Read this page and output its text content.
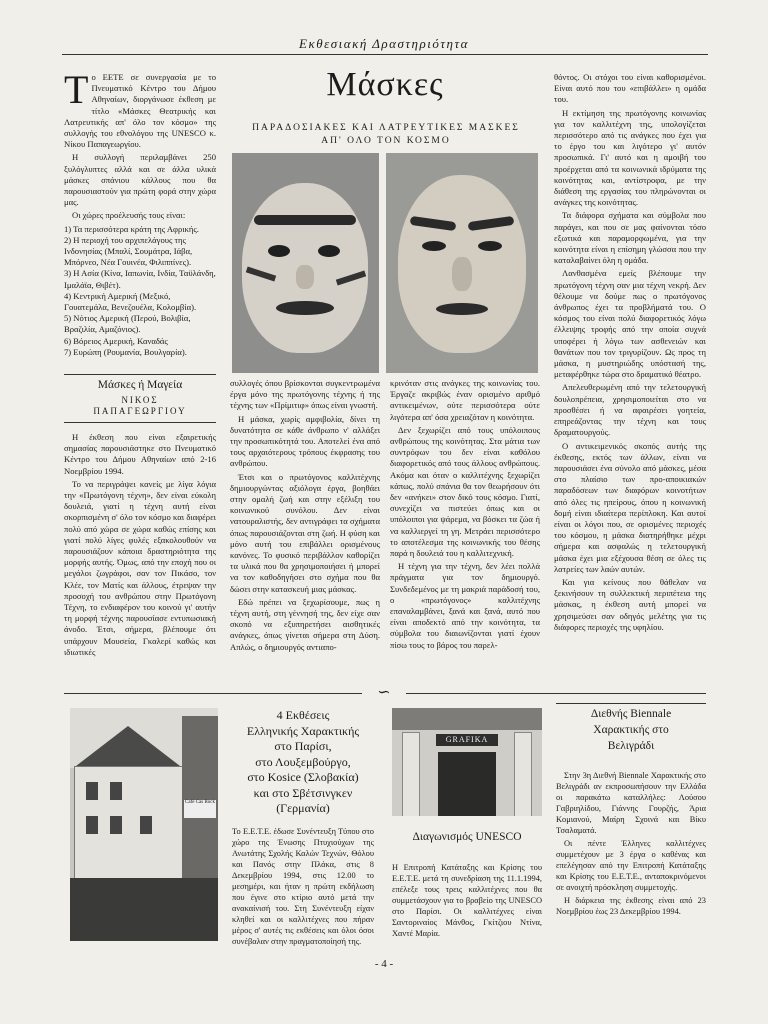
Εκθεσιακή Δραστηριότητα

Το ΕΕΤΕ σε συνεργασία με το Πνευματικό Κέντρο του Δήμου Αθηναίων, διοργάνωσε έκθεση με τίτλο «Μάσκες Θεατρικής και Λατρευτικής απ' όλο τον κόσμο» της συλλογής του εθνολόγου της UNESCO κ. Νίκου Παπαγεωργίου.

Η συλλογή περιλαμβάνει 250 ξυλόγλυπτες αλλά και σε άλλα υλικά μάσκες σπάνιου κάλλους που θα παρουσιαστούν για πρώτη φορά στην χώρα μας.

Οι χώρες προέλευσής τους είναι:

1) Τα περισσότερα κράτη της Αφρικής.
2) Η περιοχή του αρχιπελάγους της Ινδονησίας (Μπαλί, Σουμάτρα, Ιάβα, Μπόρνεο, Νέα Γουινέα, Φιλιππίνες).
3) Η Ασία (Κίνα, Ιαπωνία, Ινδία, Ταϋλάνδη, Ιμαλάϊα, Θιβέτ).
4) Κεντρική Αμερική (Μεξικό, Γουατεμάλα, Βενεζουέλα, Κολομβία).
5) Νότιος Αμερική (Περού, Βολιβία, Βραζιλία, Αμαζόνιος).
6) Βόρειος Αμερική, Καναδάς
7) Ευρώπη (Ρουμανία, Βουλγαρία).
Μάσκες ή Μαγεία
ΝΙΚΟΣ
ΠΑΠΑΓΕΩΡΓΙΟΥ

Η έκθεση που είναι εξαιρετικής σημασίας παρουσιάστηκε στο Πνευματικό Κέντρο του Δήμου Αθηναίων από 2-16 Νοεμβρίου 1994.

Το να περιγράψει κανείς με λίγα λόγια την «Πρωτόγονη τέχνη», δεν είναι εύκολη δουλειά, γιατί η τέχνη αυτή είναι σκορπισμένη σ' όλο τον κόσμο και διαφέρει πολύ από χώρα σε χώρα καθώς επίσης και γιατί πολύ λίγες φυλές εξακολουθούν να παρουσιάζουν κάποια δραστηριότητα της μορφής αυτής. Όμως, από την εποχή που οι μεγάλοι ζωγράφοι, σαν τον Πικάσο, τον Κλέε, τον Ματίς και άλλους, έτρεψαν την προσοχή του ανθρώπου στην Πρωτόγονη Τέχνη, το ενδιαφέρον του κοινού γι' αυτήν τη μορφή τέχνης παρουσίασε εντυπωσιακή άνοδο. Έτσι, σήμερα, βλέπουμε ότι υπάρχουν Μουσεία, Γκαλερί καθώς και ιδιωτικές

Μάσκες
ΠΑΡΑΔΟΣΙΑΚΕΣ ΚΑΙ ΛΑΤΡΕΥΤΙΚΕΣ ΜΑΣΚΕΣ
ΑΠ' ΟΛΟ ΤΟΝ ΚΟΣΜΟ

συλλογές όπου βρίσκονται συγκεντρωμένα έργα μόνο της πρωτόγονης τέχνης ή της τέχνης των «Πρίμιτιφ» όπως είναι γνωστή.

Η μάσκα, χωρίς αμφιβολία, δίνει τη δυνατότητα σε κάθε άνθρωπο ν' αλλάξει την προσωπικότητά του. Αποτελεί ένα από τους αρχαιότερους τρόπους έκφρασης του ανθρώπου.

Έτσι και ο πρωτόγονος καλλιτέχνης δημιουργώντας αξιόλογα έργα, βοηθάει στην ομαλή ζωή και στην εξέλιξη του κοινωνικού συνόλου. Δεν είναι νατουραλιστής, δεν αντιγράφει τα σχήματα όπως παρουσιάζονται στη ζωή. Η φύση και μόνο αυτή του επιβάλλει ορισμένους κανόνες. Το φυσικό περιβάλλον καθορίζει τα υλικά που θα χρησιμοποιήσει ή μπορεί να τον καθοδηγήσει στο σχήμα που θα δώσει στην κατασκευή μιας μάσκας.

Εδώ πρέπει να ξεχωρίσουμε, πως η τέχνη αυτή, στη γέννησή της, δεν είχε σαν σκοπό να εξυπηρετήσει αισθητικές ανάγκες, όπως γίνεται σήμερα στη Δύση. Απλώς, ο δημιουργός αντιαπο-

κρινόταν στις ανάγκες της κοινωνίας του. Έργαζε ακριβώς έναν ορισμένο αριθμό αντικειμένων, ούτε περισσότερα ούτε λιγότερα απ' όσα χρειαζόταν η κοινότητα.

Δεν ξεχωρίζει από τους υπόλοιπους ανθρώπους της κοινότητας. Στα μάτια των συντρόφων του δεν είναι καθόλου διαφορετικός από τους άλλους ανθρώπους. Ακόμα και όταν ο καλλιτέχνης ξεχωρίζει κάπως, πολύ σπάνια θα τον θεωρήσουν ότι δεν «ανήκει» στον δικό τους κόσμο. Γιατί, συνεχίζει να πιστεύει όπως και οι υπόλοιποι για ψάρεμα, να βόσκει τα ζώα ή να καλλιεργεί τη γη. Μετράει περισσότερο το αποτέλεσμα της κοινωνικής του θέσης παρά η δουλειά του η καλλιτεχνική.

Η τέχνη για την τέχνη, δεν λέει πολλά πράγματα για τον δημιουργό. Συνδεδεμένος με τη μακριά παράδοσή του, ο «πρωτόγονος» καλλιτέχνης επαναλαμβάνει, ξανά και ξανά, αυτό που είναι αποδεκτό από την κοινότητα, τα σύμβολα του διαιωνίζονται γιατί έχουν πίσω τους το βάρος του παρελ-

θόντος. Οι στόχοι του είναι καθορισμένοι. Είναι αυτό που του «επιβάλλει» η ομάδα του.

Η εκτίμηση της πρωτόγονης κοινωνίας για τον καλλιτέχνη της, υπολογίζεται περισσότερο από τις ανάγκες που έχει για το έργο του και λιγότερο γι' αυτόν προσωπικά. Γι' αυτό και η αμοιβή του προέρχεται από τα κοινωνικά ιδρύματα της κοινότητας και, αντίστροφα, με την διάθεση της εργασίας του πληρώνονται οι ανάγκες της κοινότητας.

Τα διάφορα σχήματα και σύμβολα που παράγει, και που σε μας φαίνονται τόσο εξωτικά και παραμορφωμένα, για την κοινότητα είναι η επίσημη γλώσσα που την καταλαβαίνει όλη η ομάδα.

Λανθασμένα εμείς βλέπουμε την πρωτόγονη τέχνη σαν μια τέχνη νεκρή. Δεν θέλουμε να δούμε πως ο πρωτόγονος άνθρωπος έχει τα προβλήματά του. Ο κόσμος του είναι πολύ διαφορετικός λόγω έλλειψης τροφής από την οποία συχνά υποφέρει ή λόγω των ασθενειών και θανάτων που τον τριγυρίζουν. Ως προς τη μάσκα, η μυστηριώδης υπόστασή της, μεταφέρθηκε τώρα στο δραματικό θέατρο.

Απελευθερωμένη από την τελετουργική δουλοπρέπεια, χρησιμοποιείται στο να προσθέσει ή να αφαιρέσει γοητεία, επηρεάζοντας την τέχνη και τους δραματουργούς.

Ο αντικειμενικός σκοπός αυτής της έκθεσης, εκτός των άλλων, είναι να παρουσιάσει ένα σύνολο από μάσκες, μέσα στο πλαίσιο των προ-αποικιακών παραδόσεων των διαφόρων κοινοτήτων από όλες τις ηπείρους, όπου η κοινωνική δομή είναι ιδιαίτερα περίπλοκη. Και αυτοί είναι οι λόγοι που, σε ορισμένες περιοχές του κόσμου, η μάσκα διατηρήθηκε μέχρι σήμερα και ασφαλώς η τελετουργική μάσκα έχει μια εξέχουσα θέση σε όλες τις λατρείες των λαών αυτών.

Και για κείνους που θάθελαν να ξεκινήσουν τη συλλεκτική περιπέτεια της μάσκας, η έκθεση αυτή μπορεί να χρησιμεύσει σαν οδηγός μελέτης για τις διάφορες περιοχές της υφηλίου.

∽
Café Cas Rock
4 Εκθέσεις
Ελληνικής Χαρακτικής
στο Παρίσι,
στο Λουξεμβούργο,
στο Kosice (Σλοβακία)
και στο Σβέτσινγκεν
(Γερμανία)
Το Ε.Ε.Τ.Ε. έδωσε Συνέντευξη Τύπου στο χώρο της Ένωσης Πτυχιούχων της Ανωτάτης Σχολής Καλών Τεχνών, Θόλου και Πανός στην Πλάκα, στις 8 Δεκεμβρίου 1994, στις 12.00 το μεσημέρι, και ήταν η πρώτη εκδήλωση που έγινε στο κτίριο αυτό μετά την ανακαίνισή του. Στη Συνέντευξη είχαν κληθεί και οι καλλιτέχνες που πήραν μέρος σ' αυτές τις εκθέσεις και όλοι όσοι συνέβαλαν στην πραγματοποίησή της.
GRAFIKA
Διαγωνισμός UNESCO
Η Επιτροπή Κατάταξης και Κρίσης του Ε.Ε.Τ.Ε. μετά τη συνεδρίαση της 11.1.1994, επέλεξε τους τρεις καλλιτέχνες που θα συμμετάσχουν για το βραβείο της UNESCO στο Παρίσι. Οι καλλιτέχνες είναι Σαντοριναίος Μάνθος, Γκίτζιου Ντίνα, Χαντέ Μαρία.
Διεθνής Biennale
Χαρακτικής στο
Βελιγράδι

Στην 3η Διεθνή Biennale Χαρακτικής στο Βελιγράδι αν εκπροσωπήσουν την Ελλάδα οι παρακάτω καταλλήλες: Λούσου Γαβριηλίδου, Γιάννης Γουρζής, Άρια Κομιανού, Μαίρη Σχοινά και Βίκυ Τσαλαματά.

Οι πέντε Έλληνες καλλιτέχνες συμμετέχουν με 3 έργα ο καθένας και επελέγησαν από την Επιτροπή Κατάταξης και Κρίσης του Ε.Ε.Τ.Ε., ανταποκρινόμενοι σε ανοιχτή πρόσκληση συμμετοχής.

Η διάρκεια της έκθεσης είναι από 23 Νοεμβρίου έως 23 Δεκεμβρίου 1994.

- 4 -
